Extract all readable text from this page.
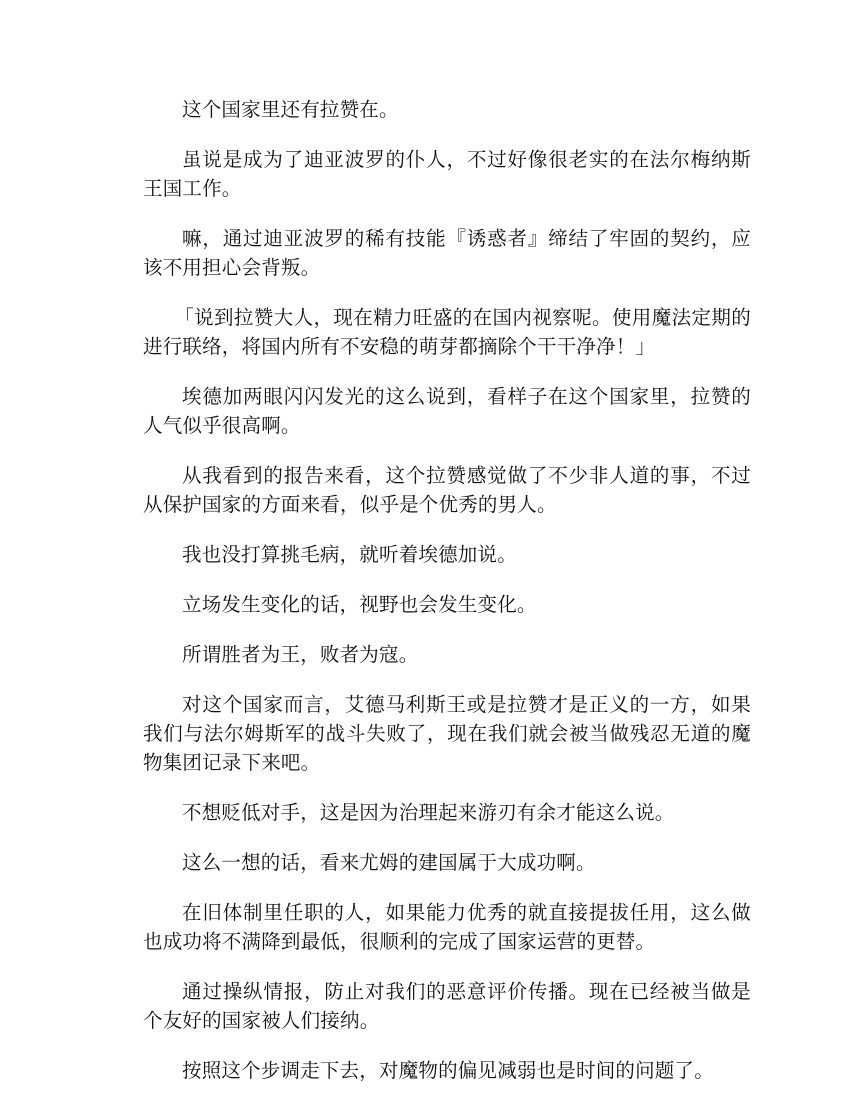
这个国家里还有拉赞在。

虽说是成为了迪亚波罗的仆人，不过好像很老实的在法尔梅纳斯王国工作。

嘛，通过迪亚波罗的稀有技能『诱惑者』缔结了牢固的契约，应该不用担心会背叛。

「说到拉赞大人，现在精力旺盛的在国内视察呢。使用魔法定期的进行联络，将国内所有不安稳的萌芽都摘除个干干净净！」

埃德加两眼闪闪发光的这么说到，看样子在这个国家里，拉赞的人气似乎很高啊。

从我看到的报告来看，这个拉赞感觉做了不少非人道的事，不过从保护国家的方面来看，似乎是个优秀的男人。

我也没打算挑毛病，就听着埃德加说。

立场发生变化的话，视野也会发生变化。

所谓胜者为王，败者为寇。

对这个国家而言，艾德马利斯王或是拉赞才是正义的一方，如果我们与法尔姆斯军的战斗失败了，现在我们就会被当做残忍无道的魔物集团记录下来吧。

不想贬低对手，这是因为治理起来游刃有余才能这么说。

这么一想的话，看来尤姆的建国属于大成功啊。

在旧体制里任职的人，如果能力优秀的就直接提拔任用，这么做也成功将不满降到最低，很顺利的完成了国家运营的更替。

通过操纵情报，防止对我们的恶意评价传播。现在已经被当做是个友好的国家被人们接纳。

按照这个步调走下去，对魔物的偏见减弱也是时间的问题了。
